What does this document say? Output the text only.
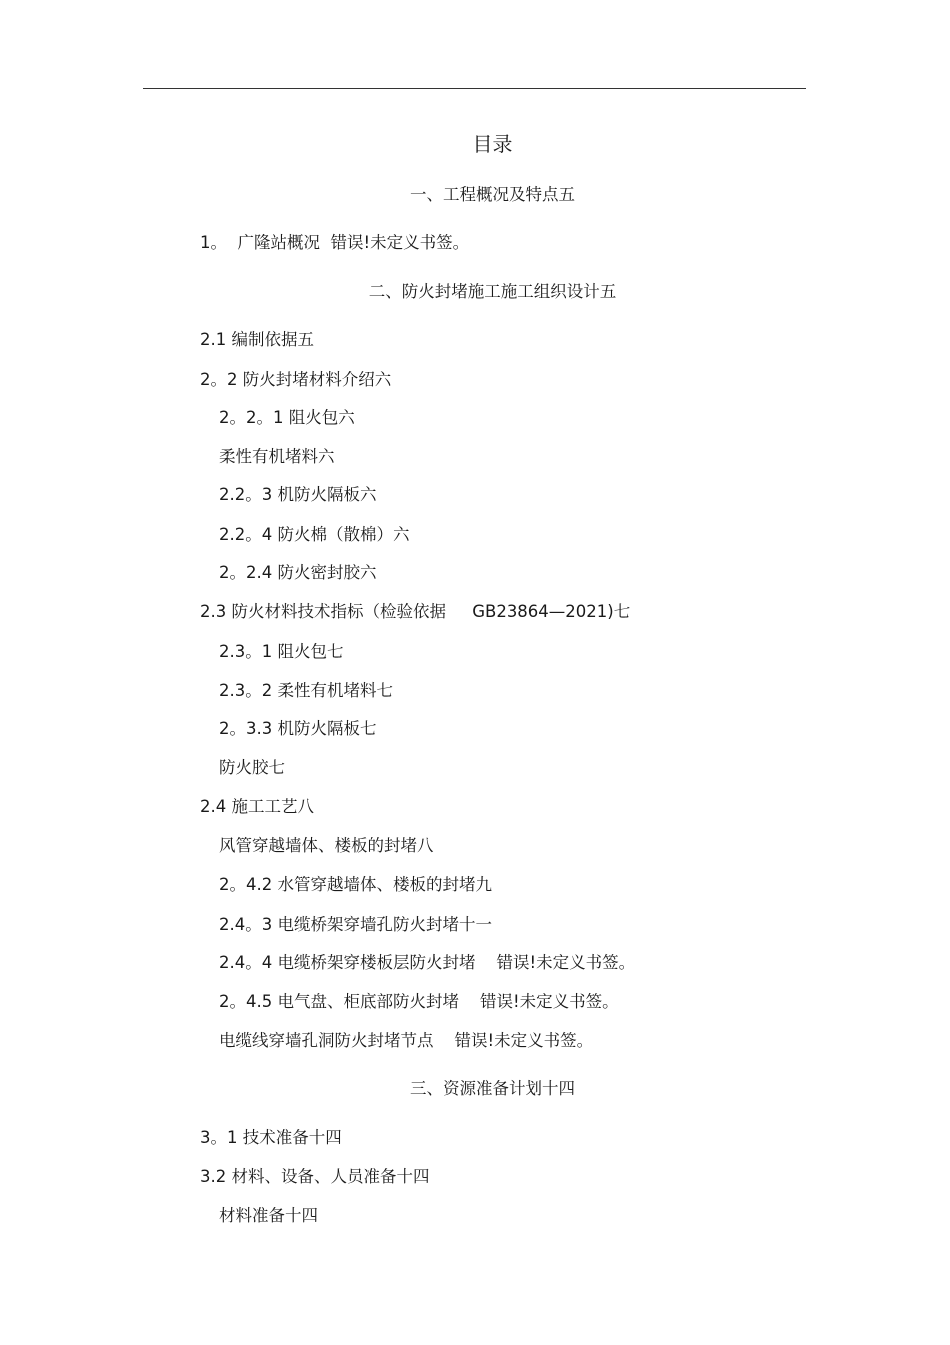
目录
一、工程概况及特点五
1。  广隆站概况  错误!未定义书签。
二、防火封堵施工施工组织设计五
2.1 编制依据五
2。2 防火封堵材料介绍六
2。2。1 阻火包六
柔性有机堵料六
2.2。3 机防火隔板六
2.2。4 防火棉（散棉）六
2。2.4 防火密封胶六
2.3 防火材料技术指标（检验依据     GB23864—2021)七
2.3。1 阻火包七
2.3。2 柔性有机堵料七
2。3.3 机防火隔板七
防火胶七
2.4 施工工艺八
风管穿越墙体、楼板的封堵八
2。4.2 水管穿越墙体、楼板的封堵九
2.4。3 电缆桥架穿墙孔防火封堵十一
2.4。4 电缆桥架穿楼板层防火封堵    错误!未定义书签。
2。4.5 电气盘、柜底部防火封堵    错误!未定义书签。
电缆线穿墙孔洞防火封堵节点    错误!未定义书签。
三、资源准备计划十四
3。1 技术准备十四
3.2 材料、设备、人员准备十四
材料准备十四
